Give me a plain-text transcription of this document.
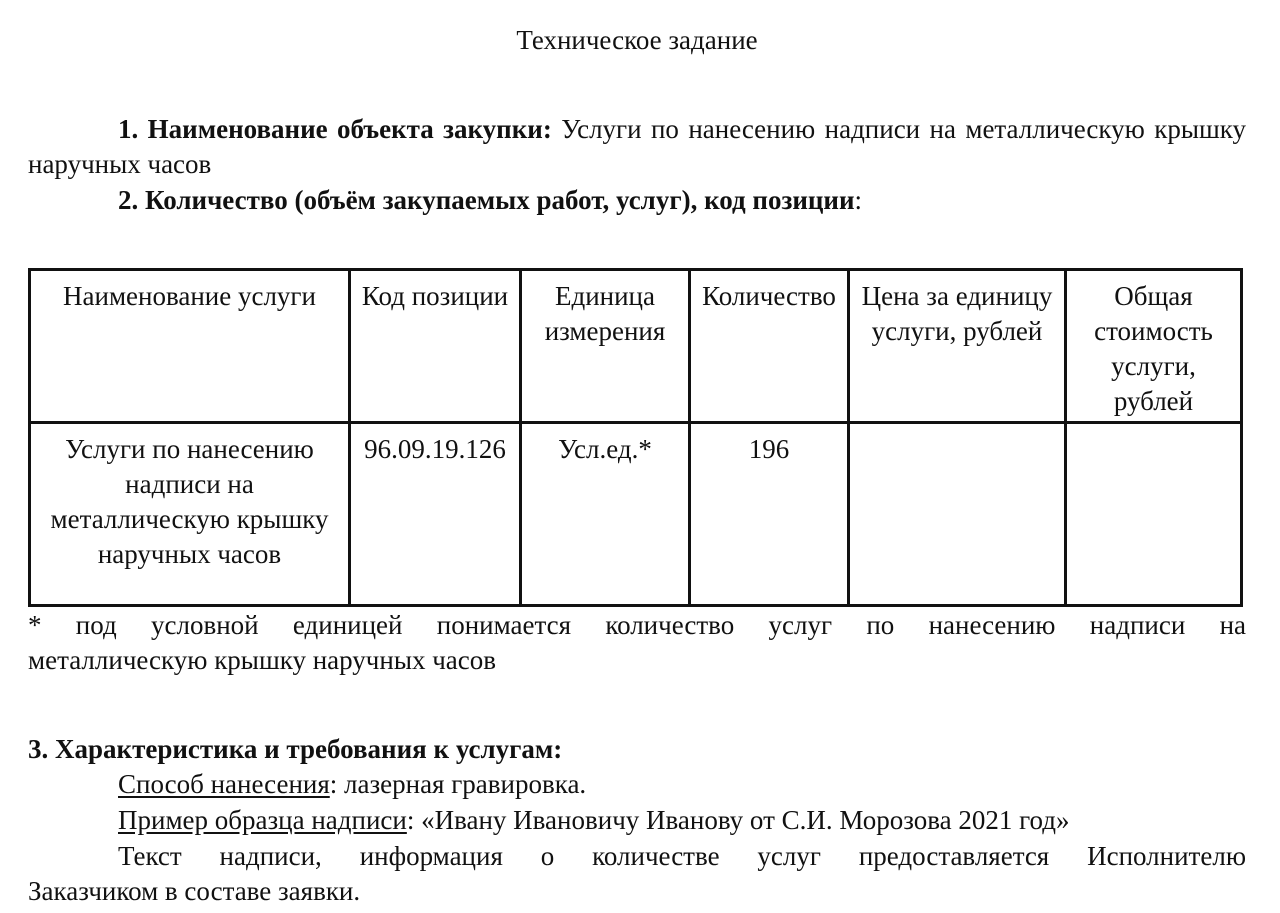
Техническое задание
1. Наименование объекта закупки: Услуги по нанесению надписи на металлическую крышку наручных часов
2. Количество (объём закупаемых работ, услуг), код позиции:
Наименование услуги	Код позиции	Единица измерения	Количество	Цена за единицу услуги, рублей	Общая стоимость услуги, рублей
Услуги по нанесению надписи на металлическую крышку наручных часов	96.09.19.126	Усл.ед.*	196		
* под условной единицей понимается количество услуг по нанесению надписи на
металлическую крышку наручных часов
3. Характеристика и требования к услугам:
Способ нанесения: лазерная гравировка.
Пример образца надписи: «Ивану Ивановичу Иванову от С.И. Морозова 2021 год»
Текст надписи, информация о количестве услуг предоставляется Исполнителю
Заказчиком в составе заявки.
